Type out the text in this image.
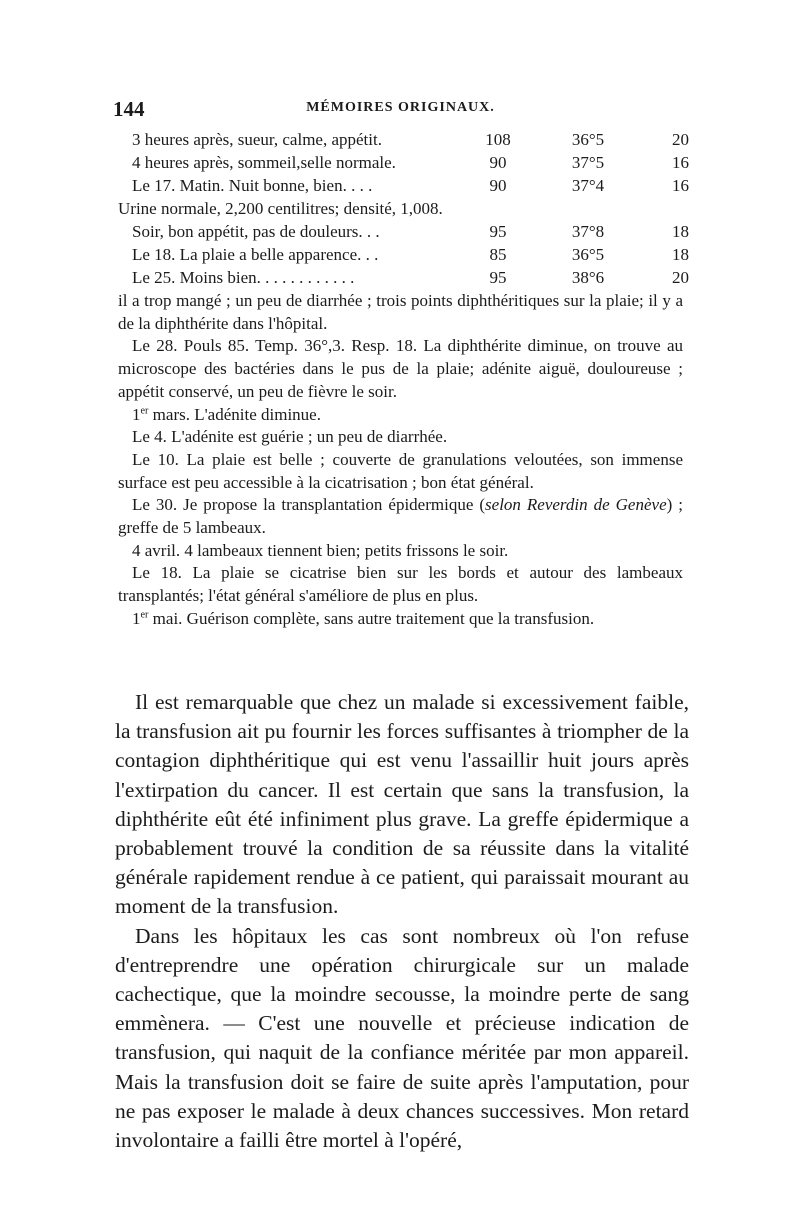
144	MÉMOIRES ORIGINAUX.
3 heures après, sueur, calme, appétit.	108	36°5	20
4 heures après, sommeil,selle normale.	90	37°5	16
Le 17. Matin. Nuit bonne, bien. . . .	90	37°4	16
Urine normale, 2,200 centilitres; densité, 1,008.
Soir, bon appétit, pas de douleurs. . .	95	37°8	18
Le 18. La plaie a belle apparence. . .	85	36°5	18
Le 25. Moins bien. . . . . . . . . . . .	95	38°6	20

il a trop mangé ; un peu de diarrhée ; trois points diphthéritiques sur la plaie; il y a de la diphthérite dans l'hôpital.

Le 28. Pouls 85. Temp. 36°,3. Resp. 18. La diphthérite diminue, on trouve au microscope des bactéries dans le pus de la plaie; adénite aiguë, douloureuse ; appétit conservé, un peu de fièvre le soir.

1er mars. L'adénite diminue.

Le 4. L'adénite est guérie ; un peu de diarrhée.

Le 10. La plaie est belle ; couverte de granulations veloutées, son immense surface est peu accessible à la cicatrisation ; bon état général.

Le 30. Je propose la transplantation épidermique (selon Reverdin de Genève) ; greffe de 5 lambeaux.

4 avril. 4 lambeaux tiennent bien; petits frissons le soir.

Le 18. La plaie se cicatrise bien sur les bords et autour des lambeaux transplantés; l'état général s'améliore de plus en plus.

1er mai. Guérison complète, sans autre traitement que la transfusion.

Il est remarquable que chez un malade si excessivement faible, la transfusion ait pu fournir les forces suffisantes à triompher de la contagion diphthéritique qui est venu l'assaillir huit jours après l'extirpation du cancer. Il est certain que sans la transfusion, la diphthérite eût été infiniment plus grave. La greffe épidermique a probablement trouvé la condition de sa réussite dans la vitalité générale rapidement rendue à ce patient, qui paraissait mourant au moment de la transfusion.

Dans les hôpitaux les cas sont nombreux où l'on refuse d'entreprendre une opération chirurgicale sur un malade cachectique, que la moindre secousse, la moindre perte de sang emmènera. — C'est une nouvelle et précieuse indication de transfusion, qui naquit de la confiance méritée par mon appareil. Mais la transfusion doit se faire de suite après l'amputation, pour ne pas exposer le malade à deux chances successives. Mon retard involontaire a failli être mortel à l'opéré,
